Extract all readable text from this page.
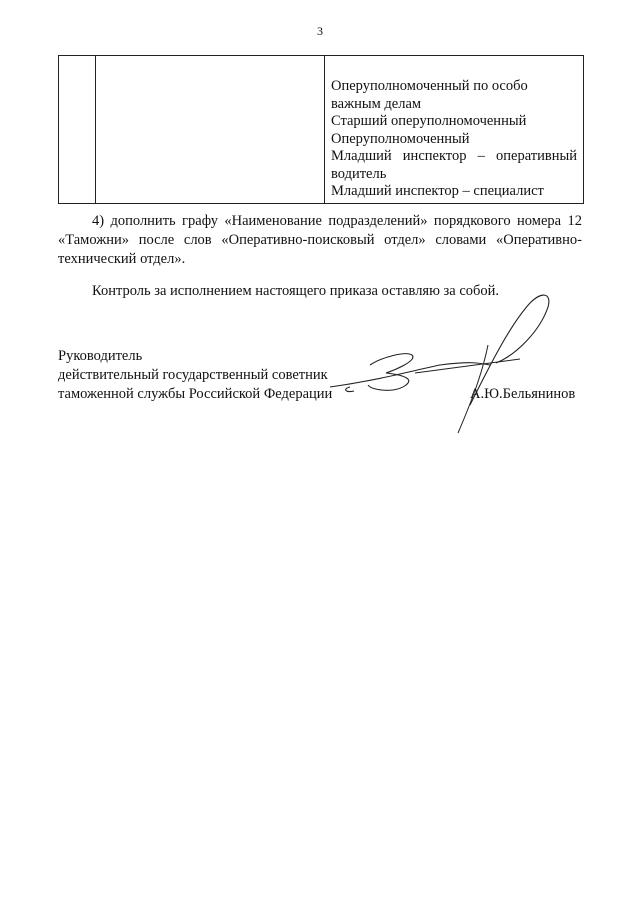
3

Оперуполномоченный по особо
важным делам
Старший оперуполномоченный
Оперуполномоченный
Младший инспектор – оперативный
водитель
Младший инспектор – специалист

4) дополнить графу «Наименование подразделений» порядкового номера 12 «Таможни» после слов «Оперативно-поисковый отдел» словами «Оперативно-технический отдел».

Контроль за исполнением настоящего приказа оставляю за собой.

Руководитель
действительный государственный советник
таможенной службы Российской Федерации	А.Ю.Бельянинов
